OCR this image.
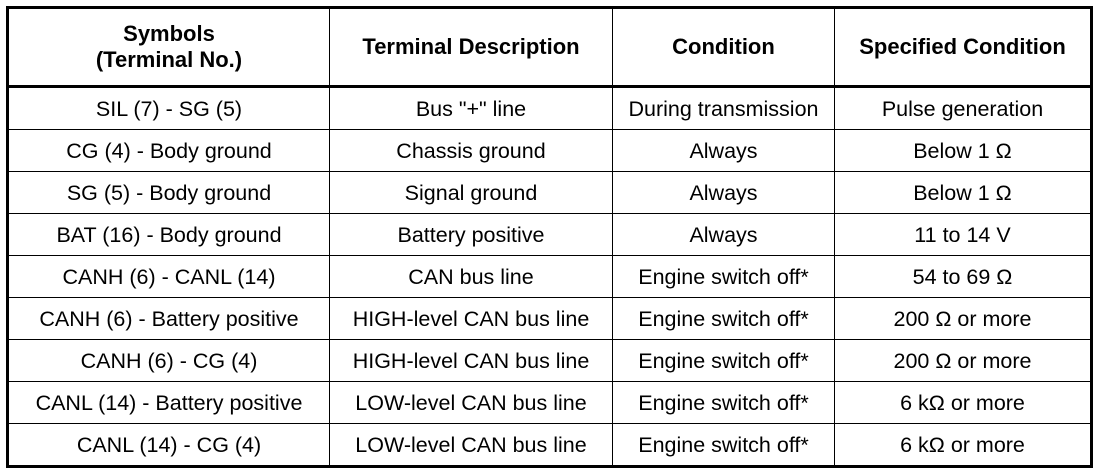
Symbols
(Terminal No.)	Terminal Description	Condition	Specified Condition

SIL (7) - SG (5)	Bus "+" line	During transmission	Pulse generation
CG (4) - Body ground	Chassis ground	Always	Below 1 Ω
SG (5) - Body ground	Signal ground	Always	Below 1 Ω
BAT (16) - Body ground	Battery positive	Always	11 to 14 V
CANH (6) - CANL (14)	CAN bus line	Engine switch off*	54 to 69 Ω
CANH (6) - Battery positive	HIGH-level CAN bus line	Engine switch off*	200 Ω or more
CANH (6) - CG (4)	HIGH-level CAN bus line	Engine switch off*	200 Ω or more
CANL (14) - Battery positive	LOW-level CAN bus line	Engine switch off*	6 kΩ or more
CANL (14) - CG (4)	LOW-level CAN bus line	Engine switch off*	6 kΩ or more
